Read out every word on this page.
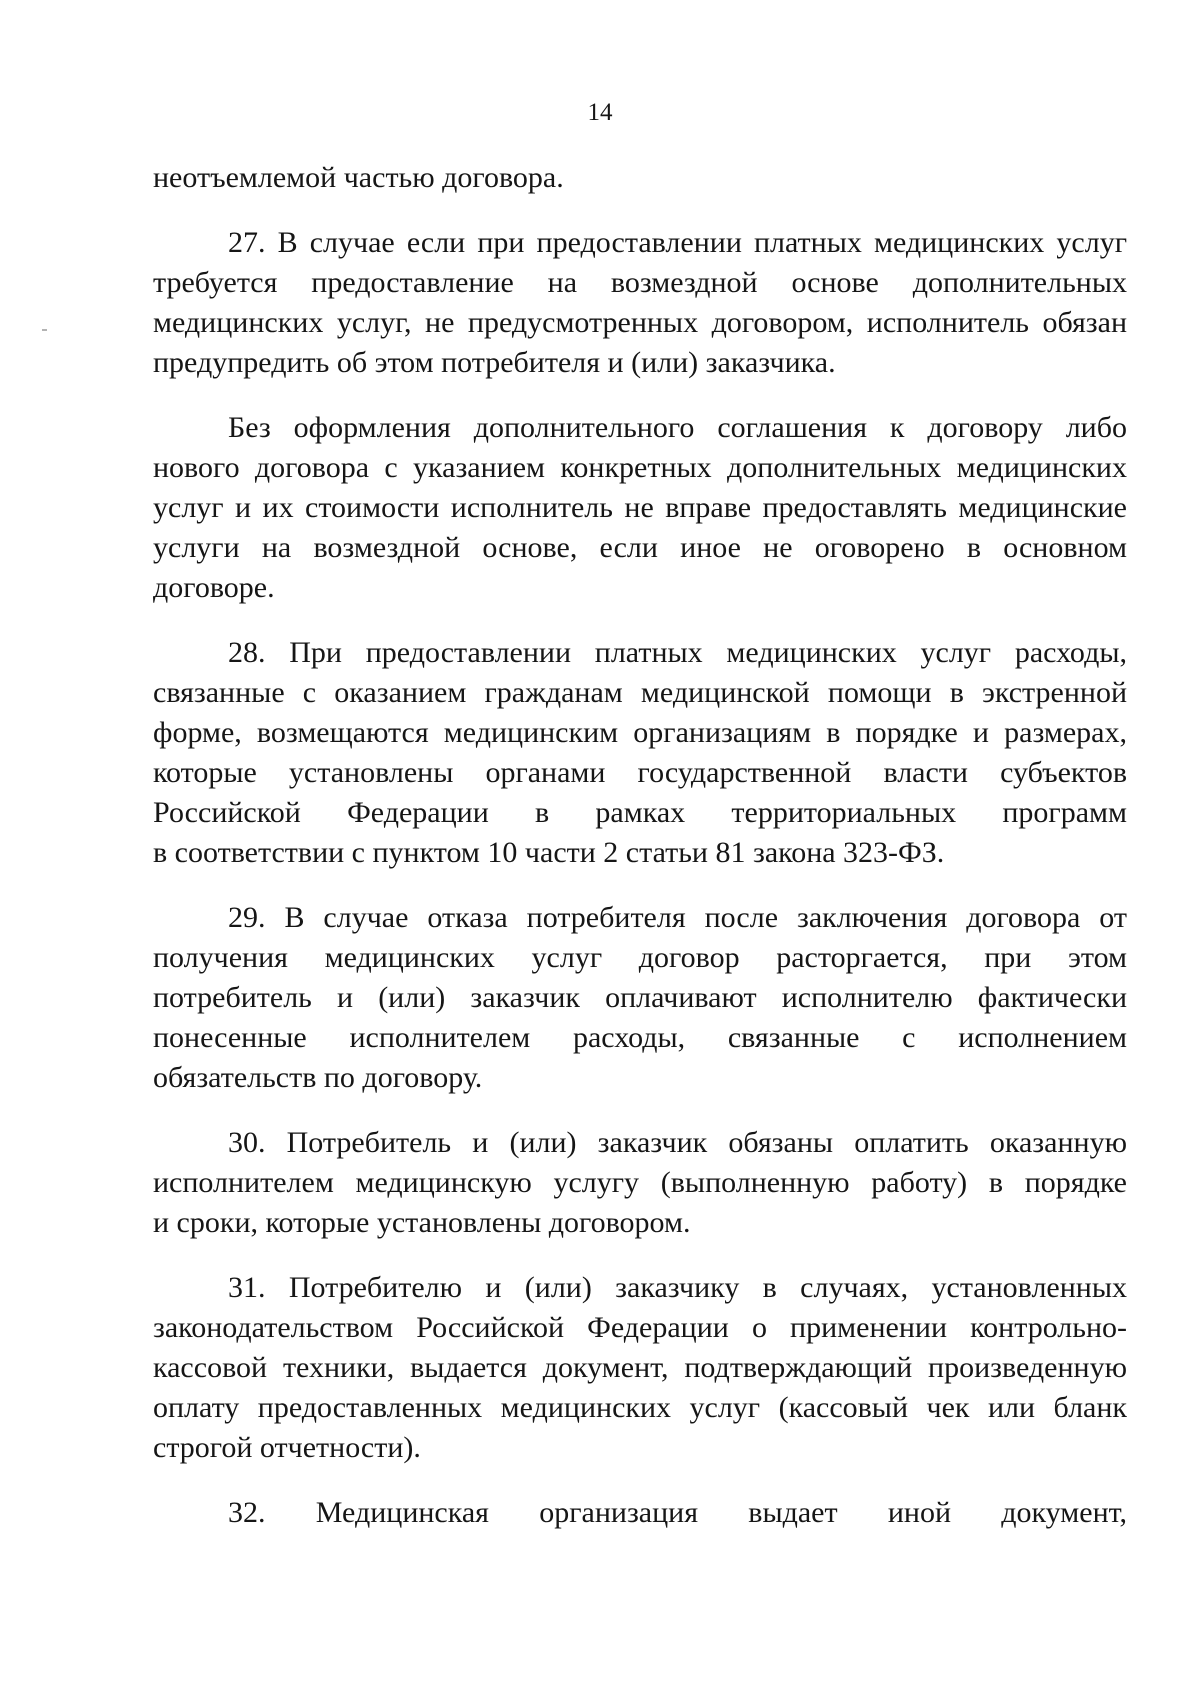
14
неотъемлемой частью договора.
27. В случае если при предоставлении платных медицинских услуг
требуется предоставление на возмездной основе дополнительных
медицинских услуг, не предусмотренных договором, исполнитель обязан
предупредить об этом потребителя и (или) заказчика.
Без оформления дополнительного соглашения к договору либо
нового договора с указанием конкретных дополнительных медицинских
услуг и их стоимости исполнитель не вправе предоставлять медицинские
услуги на возмездной основе, если иное не оговорено в основном
договоре.
28. При предоставлении платных медицинских услуг расходы,
связанные с оказанием гражданам медицинской помощи в экстренной
форме, возмещаются медицинским организациям в порядке и размерах,
которые установлены органами государственной власти субъектов
Российской Федерации в рамках территориальных программ
в соответствии с пунктом 10 части 2 статьи 81 закона 323-ФЗ.
29. В случае отказа потребителя после заключения договора от
получения медицинских услуг договор расторгается, при этом
потребитель и (или) заказчик оплачивают исполнителю фактически
понесенные исполнителем расходы, связанные с исполнением
обязательств по договору.
30. Потребитель и (или) заказчик обязаны оплатить оказанную
исполнителем медицинскую услугу (выполненную работу) в порядке
и сроки, которые установлены договором.
31. Потребителю и (или) заказчику в случаях, установленных
законодательством Российской Федерации о применении контрольно-
кассовой техники, выдается документ, подтверждающий произведенную
оплату предоставленных медицинских услуг (кассовый чек или бланк
строгой отчетности).
32. Медицинская организация выдает иной документ,
